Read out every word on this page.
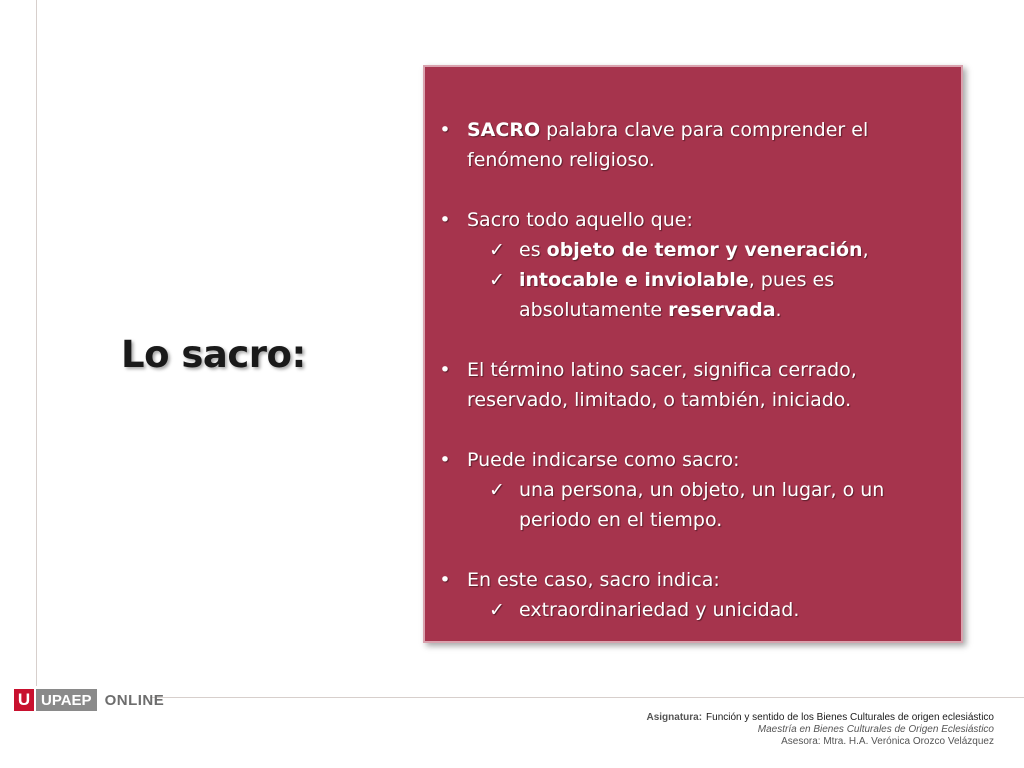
Lo sacro:
• SACRO palabra clave para comprender el fenómeno religioso.
• Sacro todo aquello que:
✓ es objeto de temor y veneración,
✓ intocable e inviolable, pues es absolutamente reservada.
• El término latino sacer, significa cerrado, reservado, limitado, o también, iniciado.
• Puede indicarse como sacro:
✓ una persona, un objeto, un lugar, o un periodo en el tiempo.
• En este caso, sacro indica:
✓ extraordinariedad y unicidad.
U UPAEP ONLINE
Asignatura: Función y sentido de los Bienes Culturales de origen eclesiástico
Maestría en Bienes Culturales de Origen Eclesiástico
Asesora: Mtra. H.A. Verónica Orozco Velázquez
